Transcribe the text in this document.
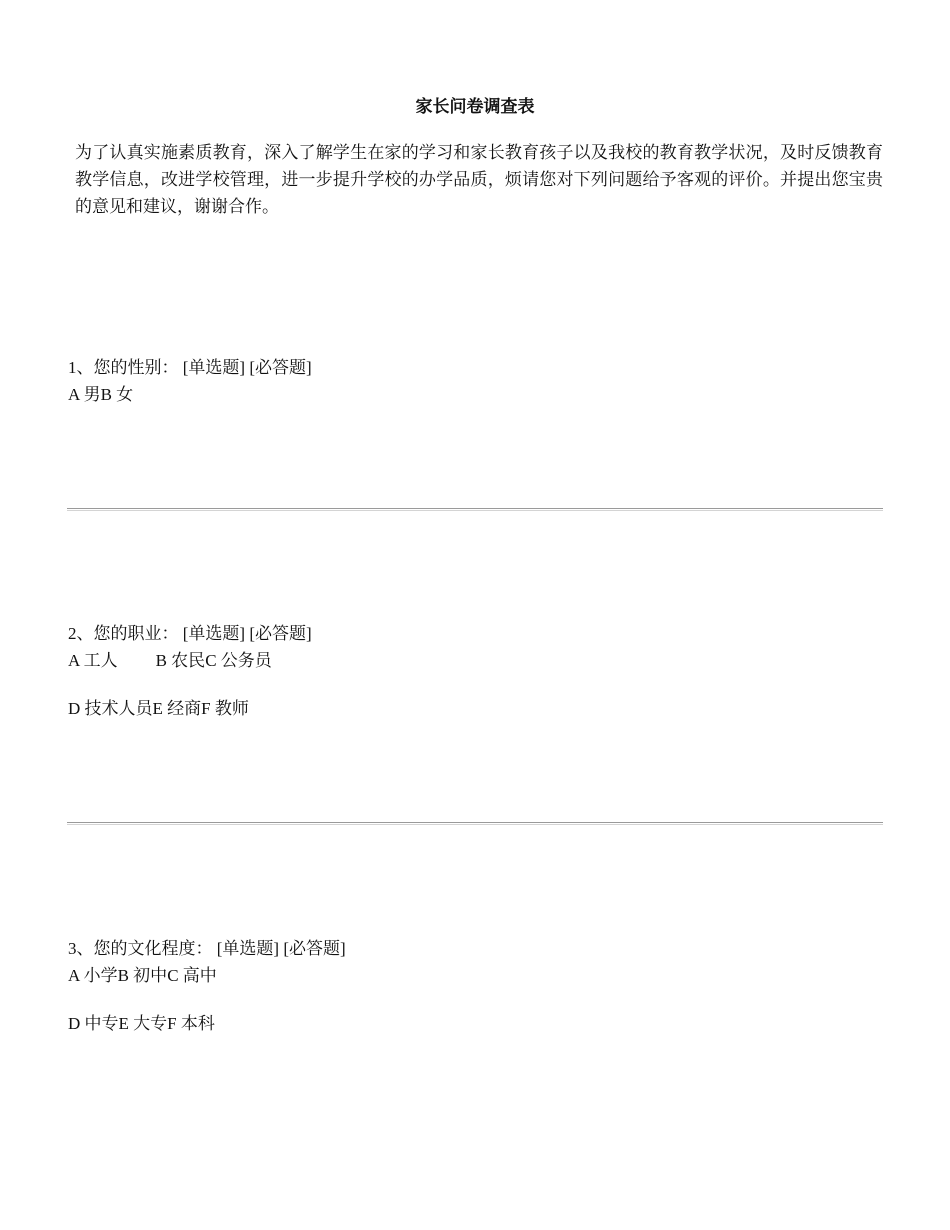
家长问卷调查表

为了认真实施素质教育，深入了解学生在家的学习和家长教育孩子以及我校的教育教学状况，及时反馈教育教学信息，改进学校管理，进一步提升学校的办学品质，烦请您对下列问题给予客观的评价。并提出您宝贵的意见和建议，谢谢合作。

1、您的性别： [单选题] [必答题]

A 男B 女

2、您的职业： [单选题] [必答题]

A 工人 B 农民C 公务员

D 技术人员E 经商F 教师

3、您的文化程度： [单选题] [必答题]

A 小学B 初中C 高中

D 中专E 大专F 本科
